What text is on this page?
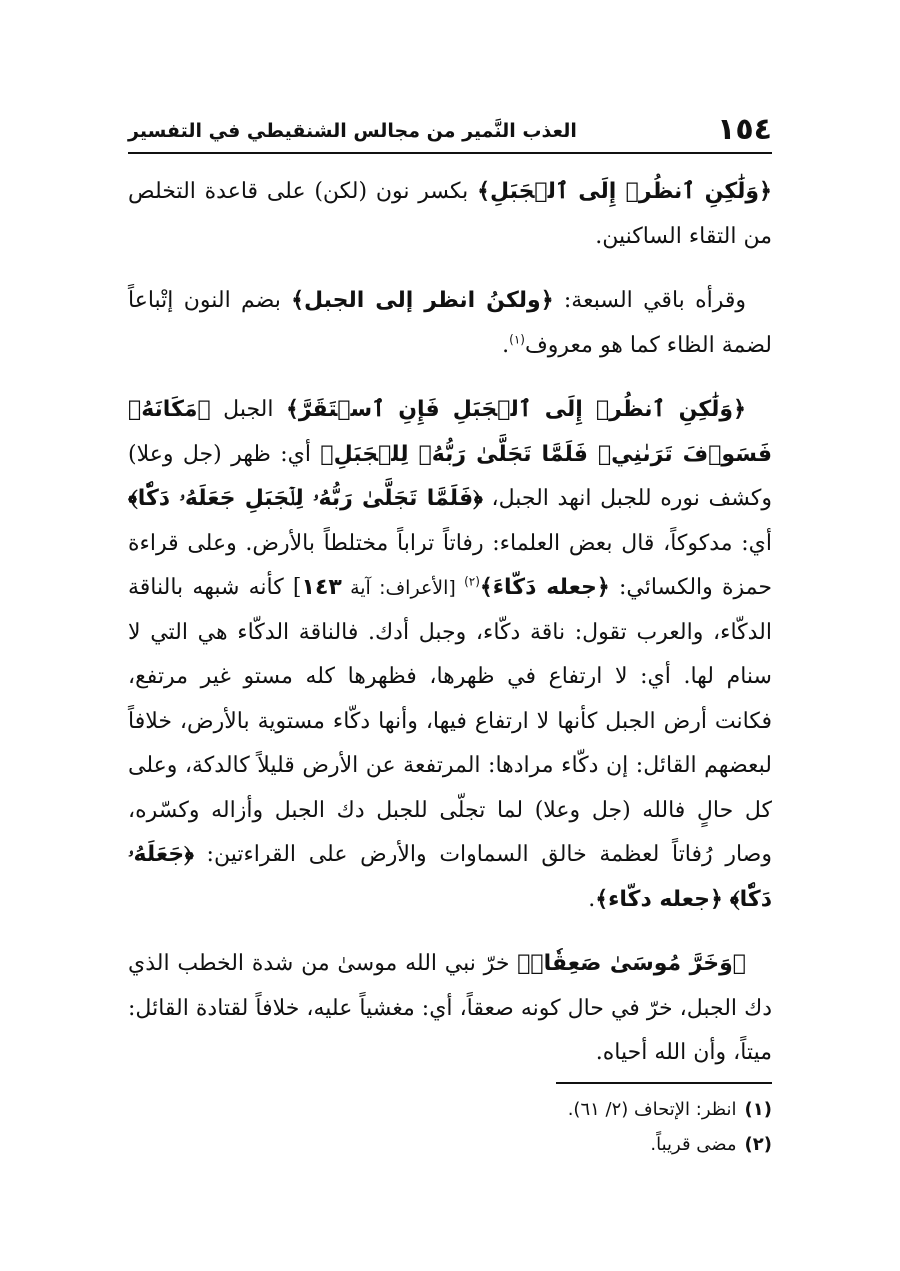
١٥٤
العذب النَّمير من مجالس الشنقيطي في التفسير

﴿وَلَٰكِنِ ٱنظُرۡ إِلَى ٱلۡجَبَلِ﴾ بكسر نون (لكن) على قاعدة التخلص من التقاء الساكنين.

وقرأه باقي السبعة: ﴿ولكنُ انظر إلى الجبل﴾ بضم النون إتْباعاً لضمة الظاء كما هو معروف$^{(١)}$.

﴿وَلَٰكِنِ ٱنظُرۡ إِلَى ٱلۡجَبَلِ فَإِنِ ٱسۡتَقَرَّ﴾ الجبل ﴿مَكَانَهُۥ فَسَوۡفَ تَرَىٰنِيۚ فَلَمَّا تَجَلَّىٰ رَبُّهُۥ لِلۡجَبَلِ﴾ أي: ظهر (جل وعلا) وكشف نوره للجبل انهد الجبل، ﴿فَلَمَّا تَجَلَّىٰ رَبُّهُۥ لِلۡجَبَلِ جَعَلَهُۥ دَكّٗا﴾ أي: مدكوكاً، قال بعض العلماء: رفاتاً تراباً مختلطاً بالأرض. وعلى قراءة حمزة والكسائي: ﴿جعله دَكّاءَ﴾$^{(٢)}$ [الأعراف: آية ١٤٣] كأنه شبهه بالناقة الدكّاء، والعرب تقول: ناقة دكّاء، وجبل أدك. فالناقة الدكّاء هي التي لا سنام لها. أي: لا ارتفاع في ظهرها، فظهرها كله مستو غير مرتفع، فكانت أرض الجبل كأنها لا ارتفاع فيها، وأنها دكّاء مستوية بالأرض، خلافاً لبعضهم القائل: إن دكّاء مرادها: المرتفعة عن الأرض قليلاً كالدكة، وعلى كل حالٍ فالله (جل وعلا) لما تجلّى للجبل دك الجبل وأزاله وكسّره، وصار رُفاتاً لعظمة خالق السماوات والأرض على القراءتين: ﴿جَعَلَهُۥ دَكّٗا﴾ ﴿جعله دكّاء﴾.

﴿وَخَرَّ مُوسَىٰ صَعِقٗاۚ﴾ خرّ نبي الله موسىٰ من شدة الخطب الذي دك الجبل، خرّ في حال كونه صعقاً، أي: مغشياً عليه، خلافاً لقتادة القائل: ميتاً، وأن الله أحياه.

(١)انظر: الإتحاف (٢/ ٦١).
(٢)مضى قريباً.
